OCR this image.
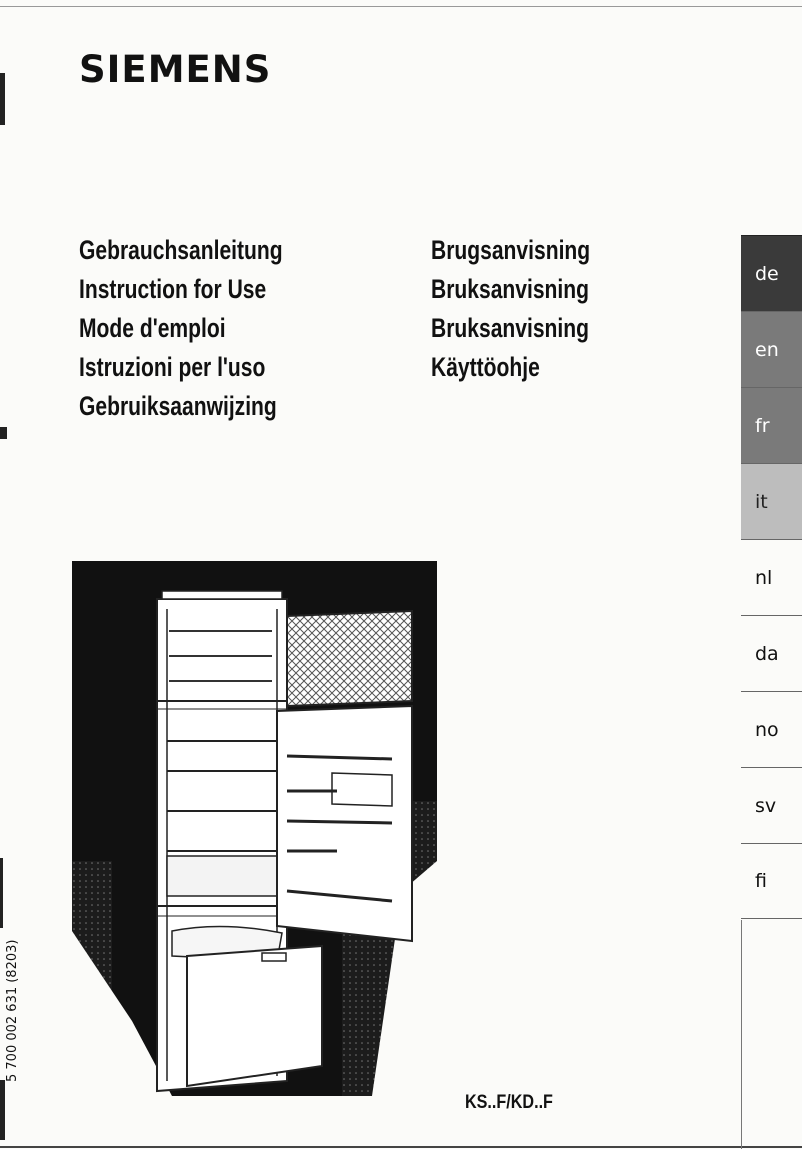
SIEMENS
Gebrauchsanleitung
Instruction for Use
Mode d'emploi
Istruzioni per l'uso
Gebruiksaanwijzing
Brugsanvisning
Bruksanvisning
Bruksanvisning
Käyttöohje
de
en
fr
it
nl
da
no
sv
fi
5 700 002 631 (8203)
KS..F/KD..F
